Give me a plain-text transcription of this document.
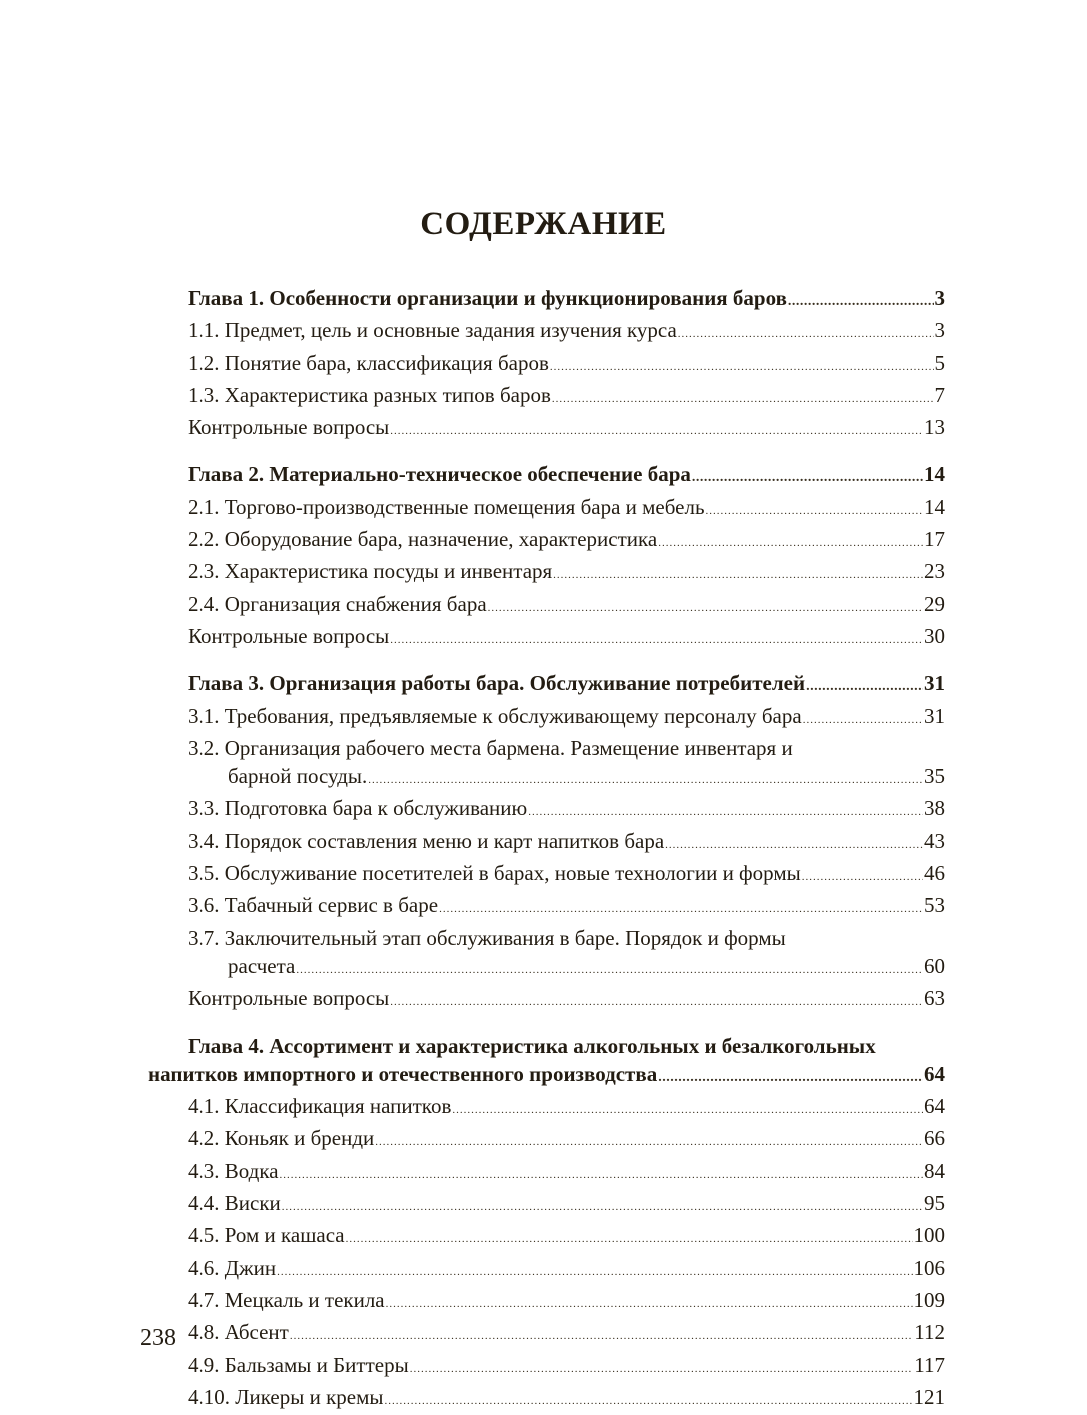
СОДЕРЖАНИЕ
Глава 1. Особенности организации и функционирования баров .....	3
1.1. Предмет, цель и основные задания изучения курса .....	3
1.2. Понятие бара, классификация баров .....	5
1.3. Характеристика разных типов баров .....	7
Контрольные вопросы .....	13
Глава 2. Материально-техническое обеспечение бара .....	14
2.1. Торгово-производственные помещения бара и мебель .....	14
2.2. Оборудование бара, назначение, характеристика .....	17
2.3. Характеристика посуды и инвентаря .....	23
2.4. Организация снабжения бара .....	29
Контрольные вопросы .....	30
Глава 3. Организация работы бара. Обслуживание потребителей .....	31
3.1. Требования, предъявляемые к обслуживающему персоналу бара .....	31
3.2. Организация рабочего места бармена. Размещение инвентаря и
барной посуды. .....	35
3.3. Подготовка бара к обслуживанию .....	38
3.4. Порядок составления меню и карт напитков бара .....	43
3.5. Обслуживание посетителей в барах, новые технологии и формы .....	46
3.6. Табачный сервис в баре .....	53
3.7. Заключительный этап обслуживания в баре. Порядок и формы
расчета .....	60
Контрольные вопросы .....	63
Глава 4. Ассортимент и характеристика алкогольных и безалкогольных
напитков импортного и отечественного производства .....	64
4.1. Классификация напитков .....	64
4.2. Коньяк и бренди .....	66
4.3. Водка .....	84
4.4. Виски .....	95
4.5. Ром и кашаса .....	100
4.6. Джин .....	106
4.7. Мецкаль и текила .....	109
4.8. Абсент .....	112
4.9. Бальзамы и Биттеры .....	117
4.10. Ликеры и кремы .....	121
238
